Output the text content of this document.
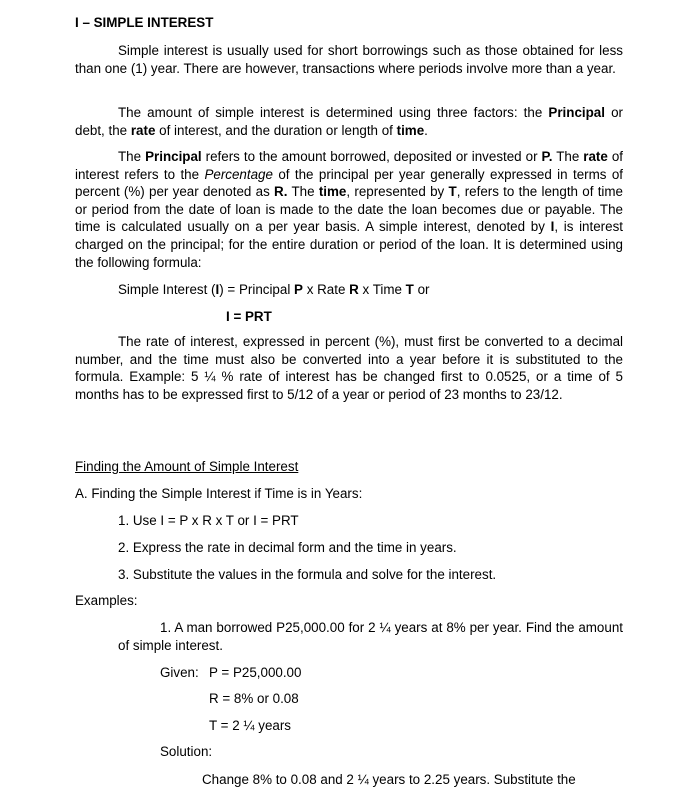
I – SIMPLE INTEREST

Simple interest is usually used for short borrowings such as those obtained for less than one (1) year. There are however, transactions where periods involve more than a year.

The amount of simple interest is determined using three factors: the Principal or debt, the rate of interest, and the duration or length of time.

The Principal refers to the amount borrowed, deposited or invested or P. The rate of interest refers to the Percentage of the principal per year generally expressed in terms of percent (%) per year denoted as R. The time, represented by T, refers to the length of time or period from the date of loan is made to the date the loan becomes due or payable. The time is calculated usually on a per year basis. A simple interest, denoted by I, is interest charged on the principal; for the entire duration or period of the loan. It is determined using the following formula:

Simple Interest (I) = Principal P x Rate R x Time T or
I = PRT

The rate of interest, expressed in percent (%), must first be converted to a decimal number, and the time must also be converted into a year before it is substituted to the formula. Example: 5 ¼ % rate of interest has be changed first to 0.0525, or a time of 5 months has to be expressed first to 5/12 of a year or period of 23 months to 23/12.

Finding the Amount of Simple Interest
A. Finding the Simple Interest if Time is in Years:
1. Use I = P x R x T or I = PRT
2. Express the rate in decimal form and the time in years.
3. Substitute the values in the formula and solve for the interest.
Examples:

1. A man borrowed P25,000.00 for 2 ¼ years at 8% per year. Find the amount of simple interest.

Given: P = P25,000.00
R = 8% or 0.08
T = 2 ¼ years
Solution:
Change 8% to 0.08 and 2 ¼ years to 2.25 years. Substitute the
